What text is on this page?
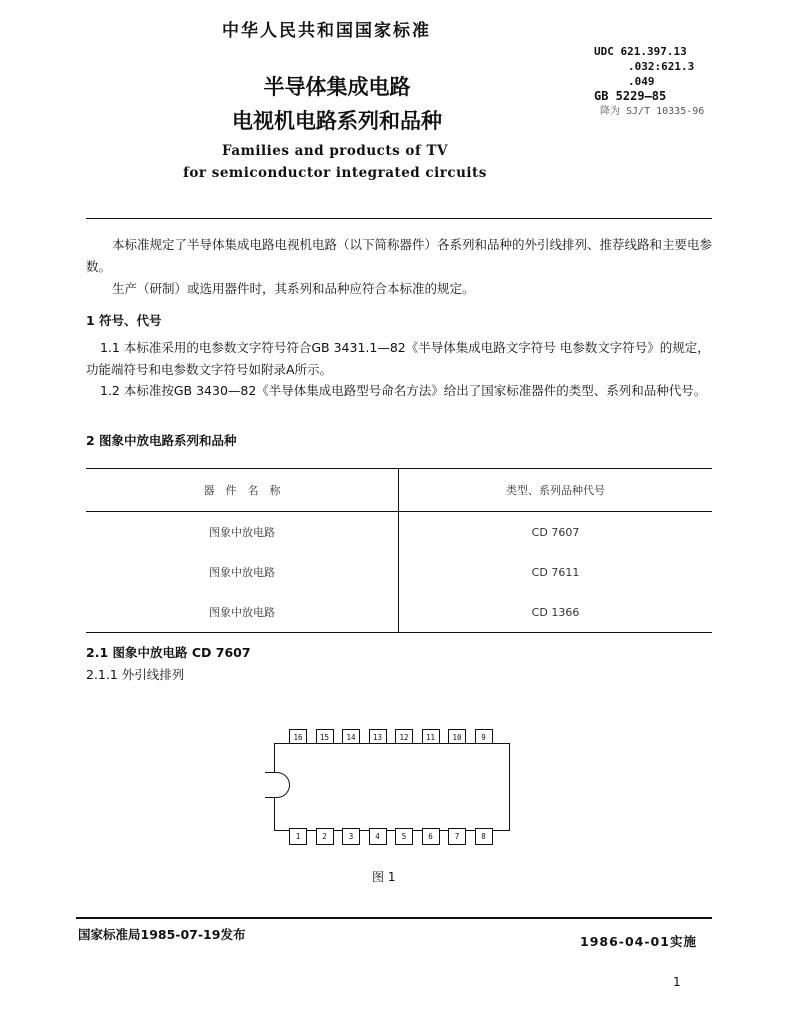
中华人民共和国国家标准
UDC 621.397.13
.032:621.3
.049
GB 5229—85
降为 SJ/T 10335-96
半导体集成电路
电视机电路系列和品种
Families and products of TV
for semiconductor integrated circuits
本标准规定了半导体集成电路电视机电路（以下简称器件）各系列和品种的外引线排列、推荐线路和主要电参数。
生产（研制）或选用器件时，其系列和品种应符合本标准的规定。
1 符号、代号
1.1 本标准采用的电参数文字符号符合GB 3431.1—82《半导体集成电路文字符号 电参数文字符号》的规定，功能端符号和电参数文字符号如附录A所示。
1.2 本标准按GB 3430—82《半导体集成电路型号命名方法》给出了国家标准器件的类型、系列和品种代号。
2 图象中放电路系列和品种
器　件　名　称	类型、系列品种代号
图象中放电路	CD 7607
图象中放电路	CD 7611
图象中放电路	CD 1366
2.1 图象中放电路 CD 7607
2.1.1 外引线排列
16	15	14	13	12	11	10	9
1	2	3	4	5	6	7	8
图 1
国家标准局1985-07-19发布	1986-04-01实施
1
